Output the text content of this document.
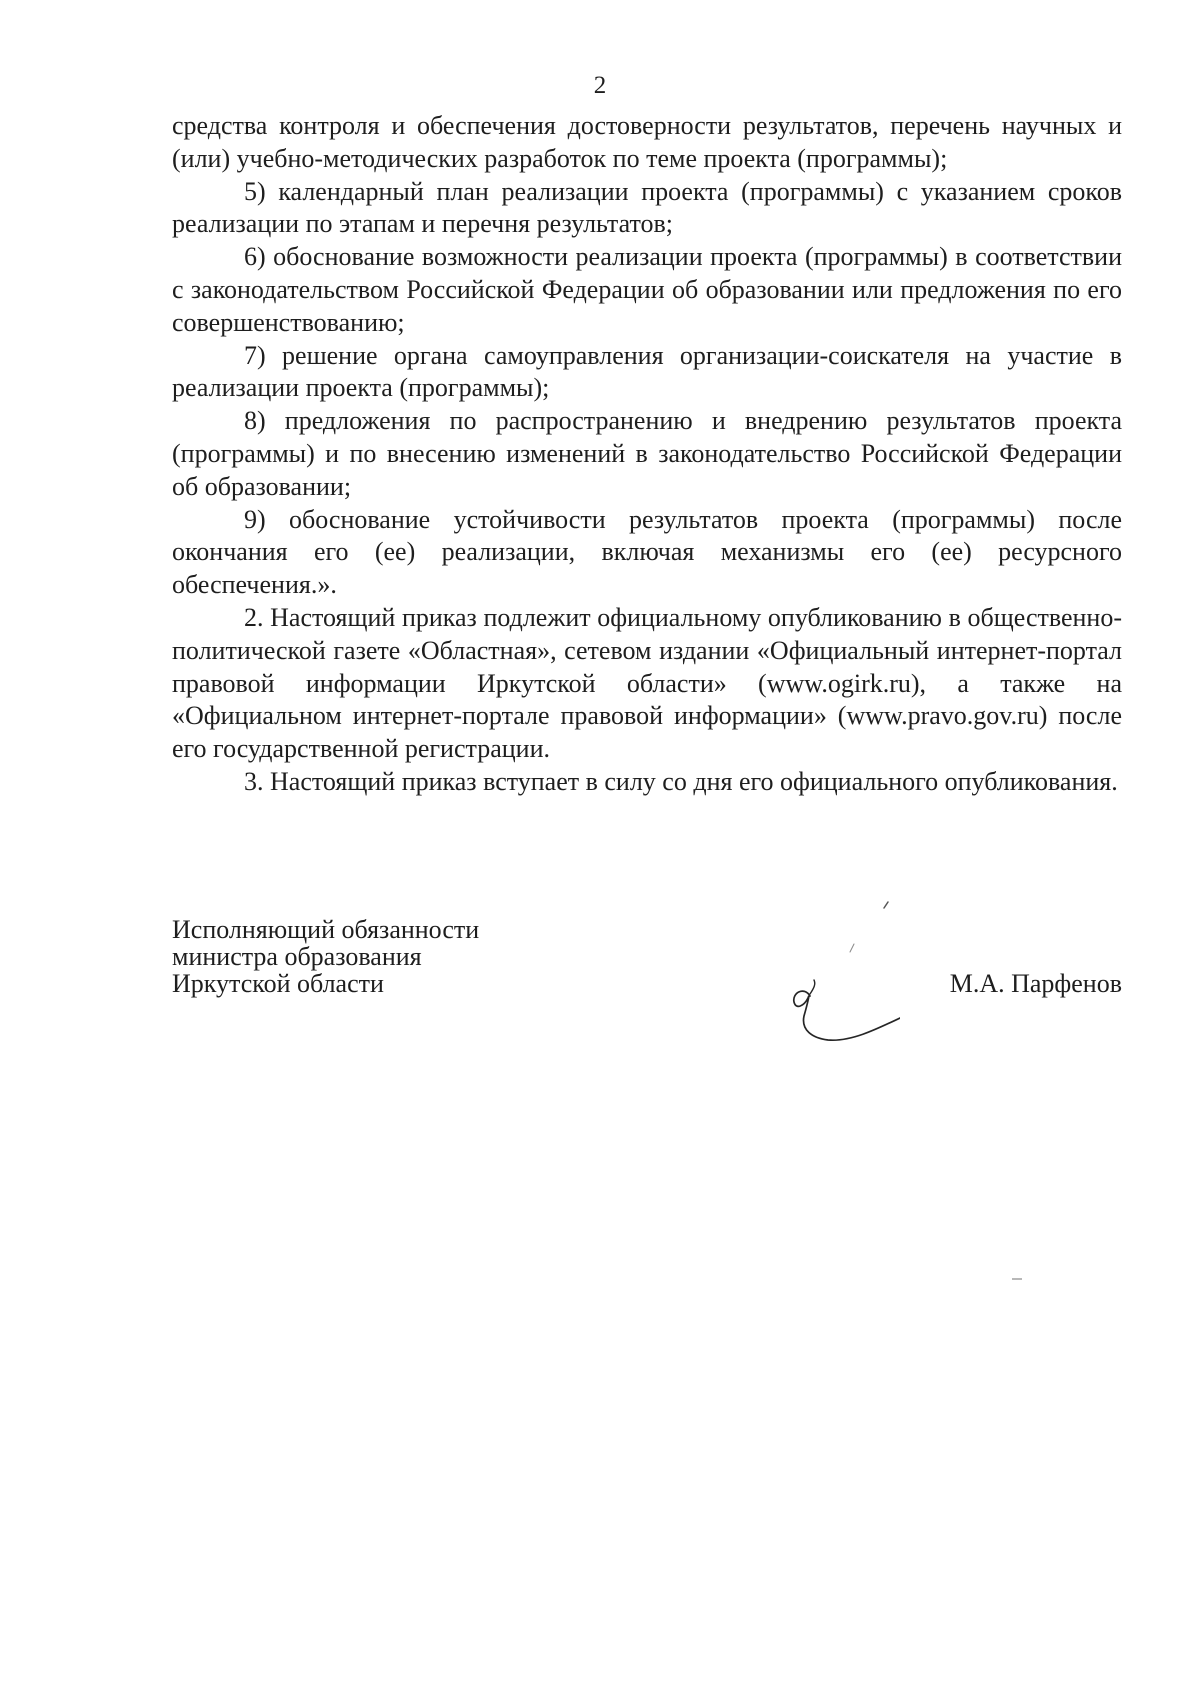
2

средства контроля и обеспечения достоверности результатов, перечень научных и (или) учебно-методических разработок по теме проекта (программы);

5) календарный план реализации проекта (программы) с указанием сроков реализации по этапам и перечня результатов;

6) обоснование возможности реализации проекта (программы) в соответствии с законодательством Российской Федерации об образовании или предложения по его совершенствованию;

7) решение органа самоуправления организации-соискателя на участие в реализации проекта (программы);

8) предложения по распространению и внедрению результатов проекта (программы) и по внесению изменений в законодательство Российской Федерации об образовании;

9) обоснование устойчивости результатов проекта (программы) после окончания его (ее) реализации, включая механизмы его (ее) ресурсного обеспечения.».

2. Настоящий приказ подлежит официальному опубликованию в общественно-политической газете «Областная», сетевом издании «Официальный интернет-портал правовой информации Иркутской области» (www.ogirk.ru), а также на «Официальном интернет-портале правовой информации» (www.pravo.gov.ru) после его государственной регистрации.

3. Настоящий приказ вступает в силу со дня его официального опубликования.

Исполняющий обязанности
министра образования
Иркутской области	М.А. Парфенов
